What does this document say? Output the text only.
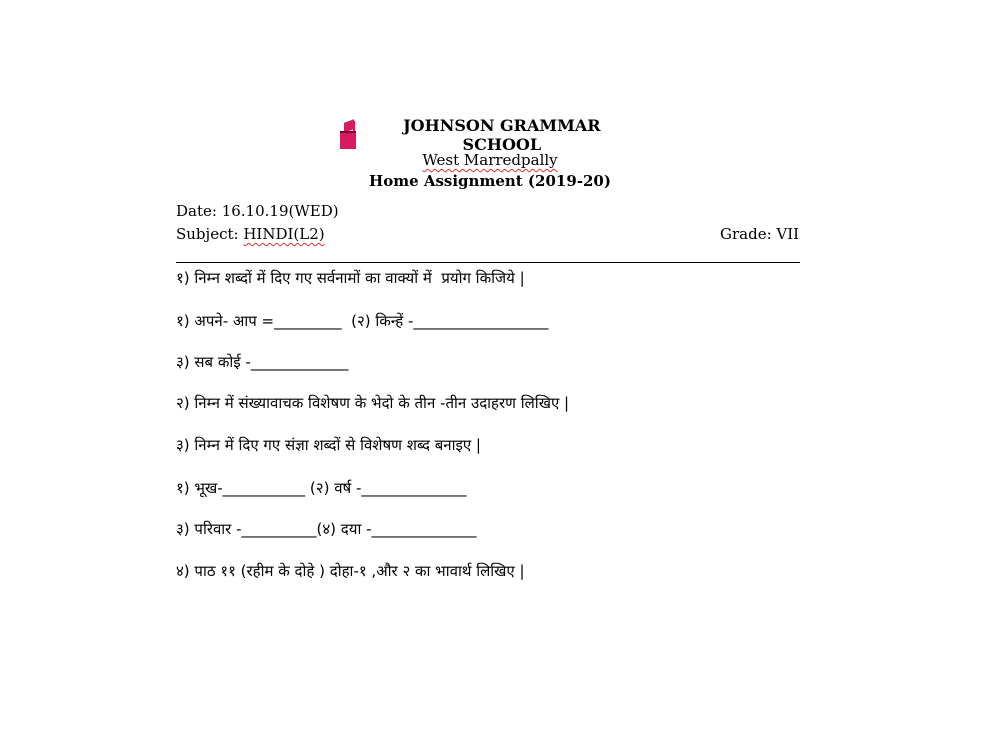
JOHNSON GRAMMAR SCHOOL
West Marredpally
Home Assignment (2019-20)
Date: 16.10.19(WED)
Subject: HINDI(L2)	Grade: VII
१) निम्न शब्दों में दिए गए सर्वनामों का वाक्यों में  प्रयोग किजिये |
१) अपने- आप =_________  (२) किन्हें -__________________
३) सब कोई -_____________
२) निम्न में संख्यावाचक विशेषण के भेदो के तीन -तीन उदाहरण लिखिए |
३) निम्न में दिए गए संज्ञा शब्दों से विशेषण शब्द बनाइए |
१) भूख-___________ (२) वर्ष -______________
३) परिवार -__________(४) दया -______________
४) पाठ ११ (रहीम के दोहे ) दोहा-१ ,और २ का भावार्थ लिखिए |
